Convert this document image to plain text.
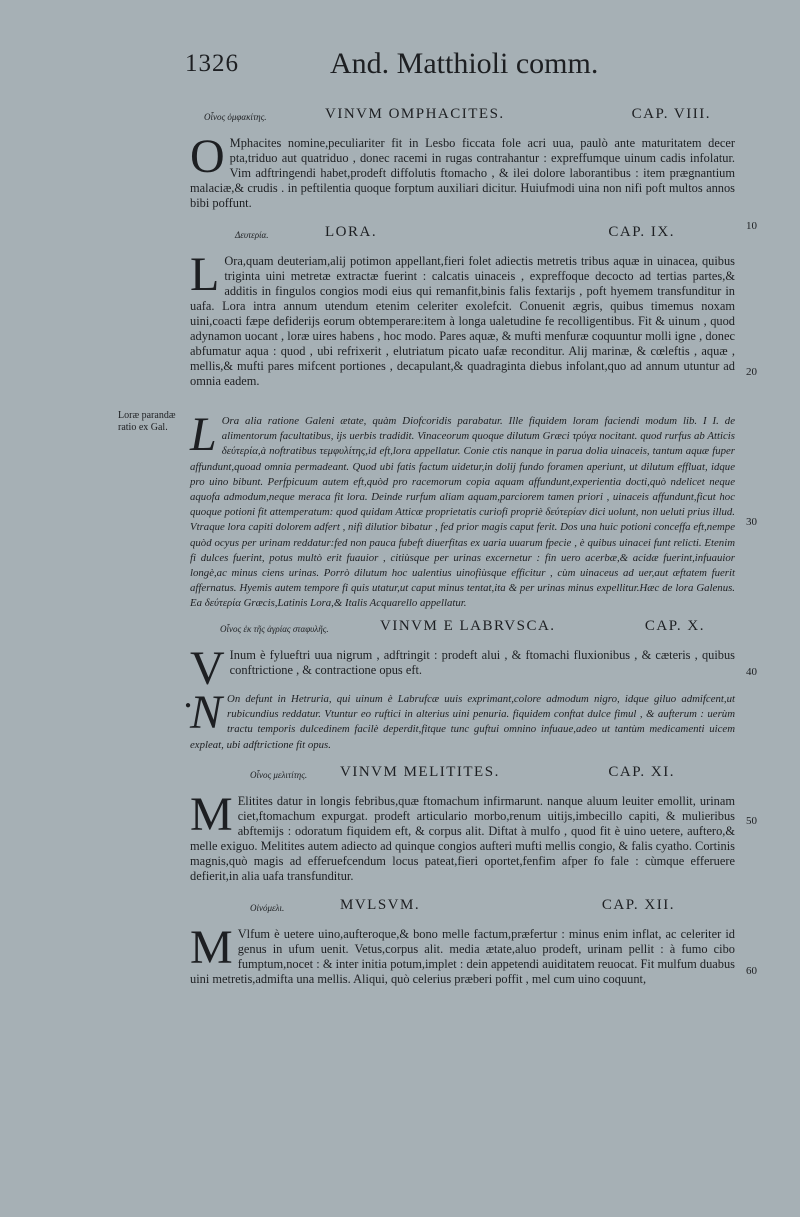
1326	And. Matthioli comm.
Οἶνος ὀμφακίτης.	VINVM OMPHACITES.	CAP. VIII.
O Mphacites nomine,peculiariter fit in Lesbo ficcata fole acri uua, paulò ante maturitatem decer pta,triduo aut quatriduo , donec racemi in rugas contrahantur : expreffumque uinum cadis infolatur. Vim adftringendi habet,prodeft diffolutis ftomacho , & ilei dolore laborantibus : item prægnantium malaciæ,& crudis . in peftilentia quoque forptum auxiliari dicitur. Huiufmodi uina non nifi poft multos annos bibi poffunt.
Δευτερία.	LORA.	CAP. IX.
L Ora,quam deuteriam,alij potimon appellant,fieri folet adiectis metretis tribus aquæ in uinacea, quibus triginta uini metretæ extractæ fuerint : calcatis uinaceis , expreffoque decocto ad tertias partes,& additis in fingulos congios modi eius qui remanfit,binis falis fextarijs , poft hyemem transfunditur in uafa. Lora intra annum utendum etenim celeriter exolefcit. Conuenit ægris, quibus timemus noxam uini,coacti fæpe defiderijs eorum obtemperare:item à longa ualetudine fe recolligentibus. Fit & uinum , quod adynamon uocant , loræ uires habens , hoc modo. Pares aquæ, & mufti menfuræ coquuntur molli igne , donec abfumatur aqua : quod , ubi refrixerit , elutriatum picato uafæ reconditur. Alij marinæ, & cœleftis , aquæ , mellis,& mufti pares mifcent portiones , decapulant,& quadraginta diebus infolant,quo ad annum utuntur ad omnia eadem.
Loræ parandæ ratio ex Gal. L Ora alia ratione Galeni ætate, quàm Diofcoridis parabatur. Ille fiquidem loram faciendi modum lib. I I. de alimentorum facultatibus, ijs uerbis tradidit. Vinaceorum quoque dilutum Græci τρύγα nocitant. quod rurfus ab Atticis δεύτερία,à noftratibus τεμφυλίτης,id eft,lora appellatur. Conie ctis nanque in parua dolia uinaceis, tantum aquæ fuper affundunt,quoad omnia permadeant. Quod ubi fatis factum uidetur,in dolij fundo foramen aperiunt, ut dilutum effluat, idque pro uino bibunt. Perfpicuum autem eft,quòd pro racemorum copia aquam affundunt,experientia docti,quò ndelicet neque aquofa admodum,neque meraca fit lora. Deinde rurfum aliam aquam,parciorem tamen priori , uinaceis affundunt,ficut hoc quoque potioni fit attemperatum: quod quidam Atticæ proprietatis curiofi propriè δεύτερίαν dici uolunt, non ueluti prius illud. Vtraque lora capiti dolorem adfert , nifi dilutior bibatur , fed prior magis caput ferit. Dos una huic potioni conceffa eft,nempe quòd ocyus per urinam reddatur:fed non pauca fubeft diuerfitas ex uaria uuarum fpecie , è quibus uinacei funt relicti. Etenim fi dulces fuerint, potus multò erit fuauior , citiùsque per urinas excernetur : fin uero acerbæ,& acidæ fuerint,infuauior longè,ac minus ciens urinas. Porrò dilutum hoc ualentius uinofiùsque efficitur , cùm uinaceus ad uer,aut æftatem fuerit affernatus. Hyemis autem tempore fi quis utatur,ut caput minus tentat,ita & per urinas minus expellitur.Hæc de lora Galenus. Ea δεύτερία Græcis,Latinis Lora,& Italis Acquarello appellatur.
Οἶνος ἐκ τῆς ἀγρίας σταφυλῆς.	VINVM E LABRVSCA.	CAP. X.
V Inum è fylueftri uua nigrum , adftringit : prodeft alui , & ftomachi fluxionibus , & cæteris , quibus conftrictione , & contractione opus eft.
N On defunt in Hetruria, qui uinum è Labrufcæ uuis exprimant,colore admodum nigro, idque giluo admifcent,ut rubicundius reddatur. Vtuntur eo ruftici in alterius uini penuria. fiquidem conftat dulce fimul , & aufterum : uerùm tractu temporis dulcedinem facilè deperdit,fitque tunc guftui omnino infuaue,adeo ut tantùm medicamenti uicem expleat, ubi adftrictione fit opus.
●
Οἶνος μελιτίτης. VINVM MELITITES.	CAP. XI.
M Elitites datur in longis febribus,quæ ftomachum infirmarunt. nanque aluum leuiter emollit, urinam ciet,ftomachum expurgat. prodeft articulario morbo,renum uitijs,imbecillo capiti, & mulieribus abftemijs : odoratum fiquidem eft, & corpus alit. Diftat à mulfo , quod fit è uino uetere, auftero,& melle exiguo. Melitites autem adiecto ad quinque congios aufteri mufti mellis congio, & falis cyatho. Cortinis magnis,quò magis ad efferuefcendum locus pateat,fieri oportet,fenfim afper fo fale : cùmque efferuere defierit,in alia uafa transfunditur.
Οἰνόμελι.	MVLSVM.	CAP. XII.
M Vlfum è uetere uino,aufteroque,& bono melle factum,præfertur : minus enim inflat, ac celeriter id genus in ufum uenit. Vetus,corpus alit. media ætate,aluo prodeft, urinam pellit : à fumo cibo fumptum,nocet : & inter initia potum,implet : dein appetendi auiditatem reuocat. Fit mulfum duabus uini metretis,admifta una mellis. Aliqui, quò celerius præberi poffit , mel cum uino coquunt,
10
20
30
40
50
60
